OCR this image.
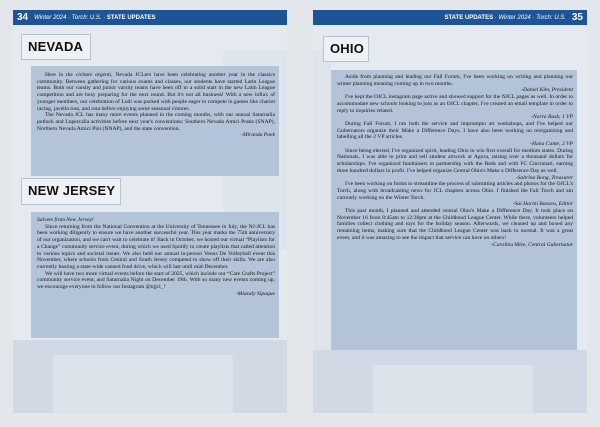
34 Winter 2024 · Torch: U.S. · STATE UPDATES
NEVADA

Here in the civitate argenti, Nevada JCLers have been celebrating another year in the classics community. Between gathering for various exams and classes, our students have started Latin League teams. Both our varsity and junior varsity teams have been off to a solid start in the new Latin League competition and are busy preparing for the next round. But it's not all business! With a new influx of younger members, our celebration of Ludi was packed with people eager to compete in games like chariot racing, javelin toss, and rota before enjoying some seasonal s'mores.

The Nevada JCL has many more events planned in the coming months, with our annual Saturnalia potluck and Lupercalia activities before next year's conventions: Southern Nevada Amici Pratis (SNAP), Northern Nevada Amici Pini (NNAP), and the state convention.

-Miranda Paek

NEW JERSEY

Salvete from New Jersey!

Since returning from the National Convention at the University of Tennessee in July, the NJ-JCL has been working diligently to ensure we have another successful year. This year marks the 75th anniversary of our organization, and we can't wait to celebrate it! Back in October, we hosted our virtual “Playlists for a Change” community service event, during which we used Spotify to create playlists that called attention to various topics and societal issues. We also held our annual in-person Venus De Volleyball event this November, where schools from Central and South Jersey competed to show off their skills. We are also currently hosting a state-wide canned food drive, which will last until mid-December.

We will have two more virtual events before the start of 2025, which include our “Care Crafts Project” community service event, and Saturnalia Night on December 19th. With so many new events coming up, we encourage everyone to follow our Instagram @njjcl_!

-Miazaly Sipaque

STATE UPDATES · Winter 2024 · Torch: U.S. 35
OHIO

Aside from planning and leading our Fall Forum, I've been working on writing and planning our winter planning meaning coming up in two months.

-Daniel Kim, President

I've kept the OJCL instagram page active and showed support for the NJCL pages as well. In order to accommodate new schools looking to join as an OJCL chapter, I've created an email template in order to reply to inquiries related.

-Norra Rush, 1 VP

During Fall Forum, I ran both the service and impromptu art workshops, and I've helped our Gubernators organize their Make a Difference Days. I have also been working on reorganizing and labelling all the 2 VP articles.

-Hana Cante, 2 VP

Since being elected, I've organized spirit, leading Ohio to win first overall for medium states. During Nationals, I was able to print and sell student artwork at Agora, raising over a thousand dollars for scholarships. I've organized fundraisers in partnership with the Reds and with FC Cincinnati, earning three hundred dollars in profit. I've helped organize Central Ohio's Make a Difference Day as well.

-Sabrina Bong, Treasurer

I've been working on forms to streamline the process of submitting articles and photos for the OJCL's Torch, along with broadcasting news for JCL chapters across Ohio. I finished the Fall Torch and am currently working on the Winter Torch.

-Sai Harini Basava, Editor

This past month, I planned and attended central Ohio's Make a Difference Day. It took place on November 16 from 8:45am to 12:30pm at the Childhood League Center. While there, volunteers helped families collect clothing and toys for the holiday season. Afterwards, we cleaned up and boxed any remaining items, making sure that the Childhood League Center was back to normal. It was a great event, and it was amazing to see the impact that service can have on others!

-Carolina Mize, Central Gubernator
